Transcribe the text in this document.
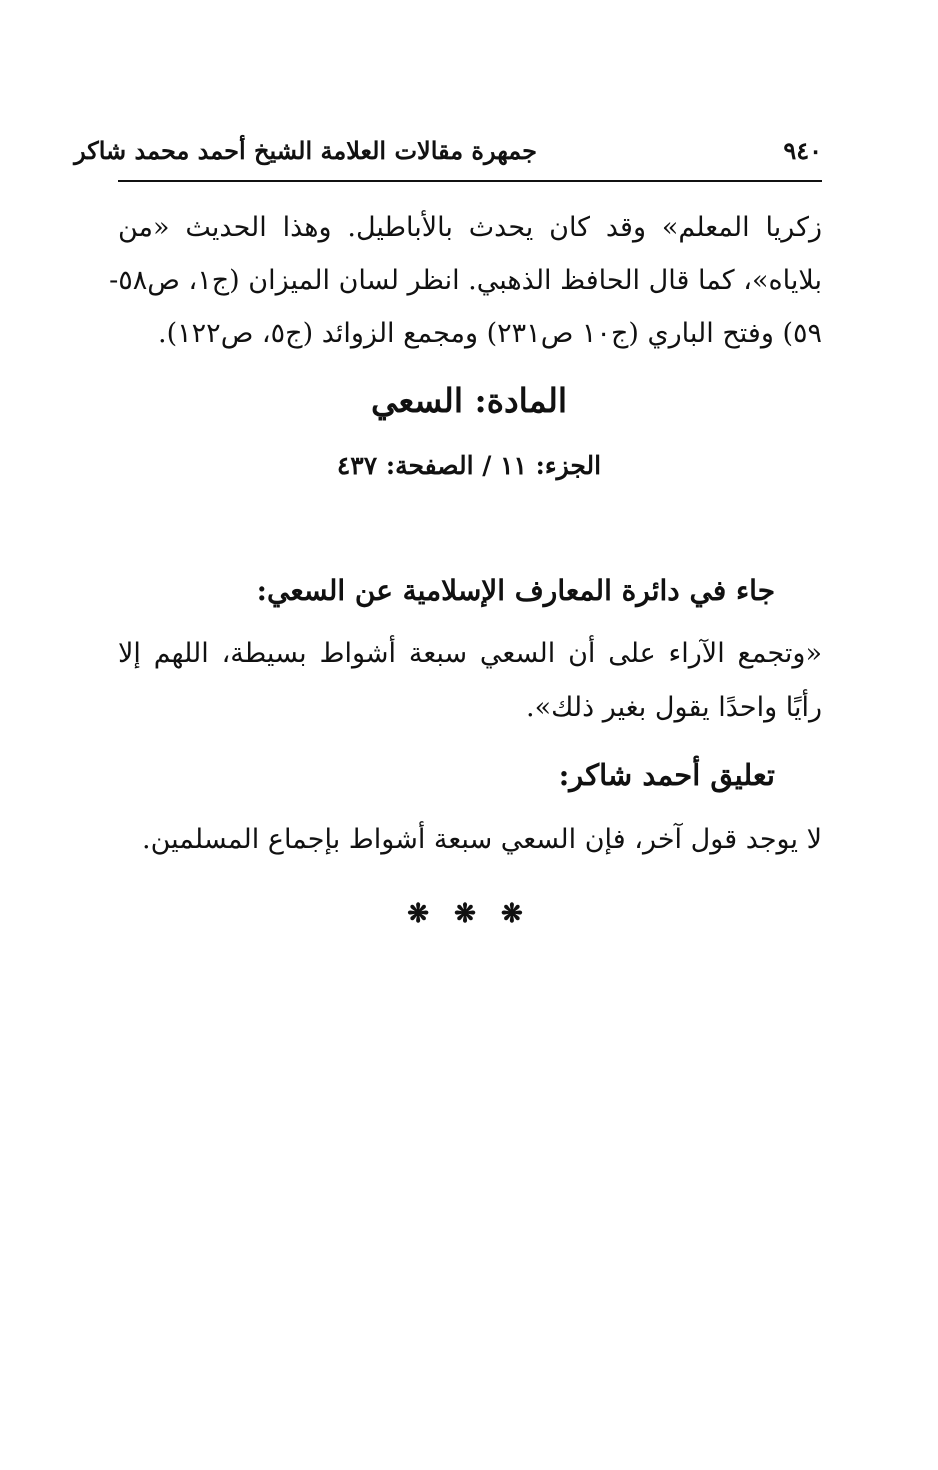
جمهرة مقالات العلامة الشيخ أحمد محمد شاكر	٩٤٠
زكريا المعلم» وقد كان يحدث بالأباطيل. وهذا الحديث «من
بلاياه»، كما قال الحافظ الذهبي. انظر لسان الميزان (ج١، ص٥٨-
٥٩) وفتح الباري (ج١٠ ص٢٣١) ومجمع الزوائد (ج٥، ص١٢٢).
المادة: السعي
الجزء: ١١ / الصفحة: ٤٣٧
جاء في دائرة المعارف الإسلامية عن السعي:
«وتجمع الآراء على أن السعي سبعة أشواط بسيطة، اللهم إلا
رأيًا واحدًا يقول بغير ذلك».
تعليق أحمد شاكر:
لا يوجد قول آخر، فإن السعي سبعة أشواط بإجماع المسلمين.
❋ ❋ ❋
